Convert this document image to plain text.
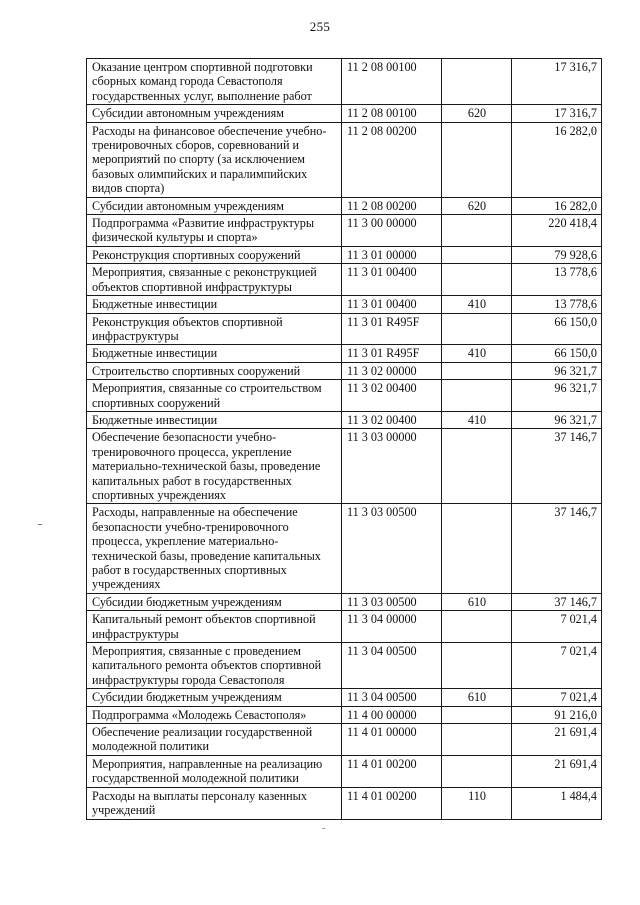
255
Оказание центром спортивной подготовки сборных команд города Севастополя государственных услуг, выполнение работ	11 2 08 00100		17 316,7
Субсидии автономным учреждениям	11 2 08 00100	620	17 316,7
Расходы на финансовое обеспечение учебно-тренировочных сборов, соревнований и мероприятий по спорту (за исключением базовых олимпийских и паралимпийских видов спорта)	11 2 08 00200		16 282,0
Субсидии автономным учреждениям	11 2 08 00200	620	16 282,0
Подпрограмма «Развитие инфраструктуры физической культуры и спорта»	11 3 00 00000		220 418,4
Реконструкция спортивных сооружений	11 3 01 00000		79 928,6
Мероприятия, связанные с реконструкцией объектов спортивной инфраструктуры	11 3 01 00400		13 778,6
Бюджетные инвестиции	11 3 01 00400	410	13 778,6
Реконструкция объектов спортивной инфраструктуры	11 3 01 R495F		66 150,0
Бюджетные инвестиции	11 3 01 R495F	410	66 150,0
Строительство спортивных сооружений	11 3 02 00000		96 321,7
Мероприятия, связанные со строительством спортивных сооружений	11 3 02 00400		96 321,7
Бюджетные инвестиции	11 3 02 00400	410	96 321,7
Обеспечение безопасности учебно-тренировочного процесса, укрепление материально-технической базы, проведение капитальных работ в государственных спортивных учреждениях	11 3 03 00000		37 146,7
Расходы, направленные на обеспечение безопасности учебно-тренировочного процесса, укрепление материально-технической базы, проведение капитальных работ в государственных спортивных учреждениях	11 3 03 00500		37 146,7
Субсидии бюджетным учреждениям	11 3 03 00500	610	37 146,7
Капитальный ремонт объектов спортивной инфраструктуры	11 3 04 00000		7 021,4
Мероприятия, связанные с проведением капитального ремонта объектов спортивной инфраструктуры города Севастополя	11 3 04 00500		7 021,4
Субсидии бюджетным учреждениям	11 3 04 00500	610	7 021,4
Подпрограмма «Молодежь Севастополя»	11 4 00 00000		91 216,0
Обеспечение реализации государственной молодежной политики	11 4 01 00000		21 691,4
Мероприятия, направленные на реализацию государственной молодежной политики	11 4 01 00200		21 691,4
Расходы на выплаты персоналу казенных учреждений	11 4 01 00200	110	1 484,4
